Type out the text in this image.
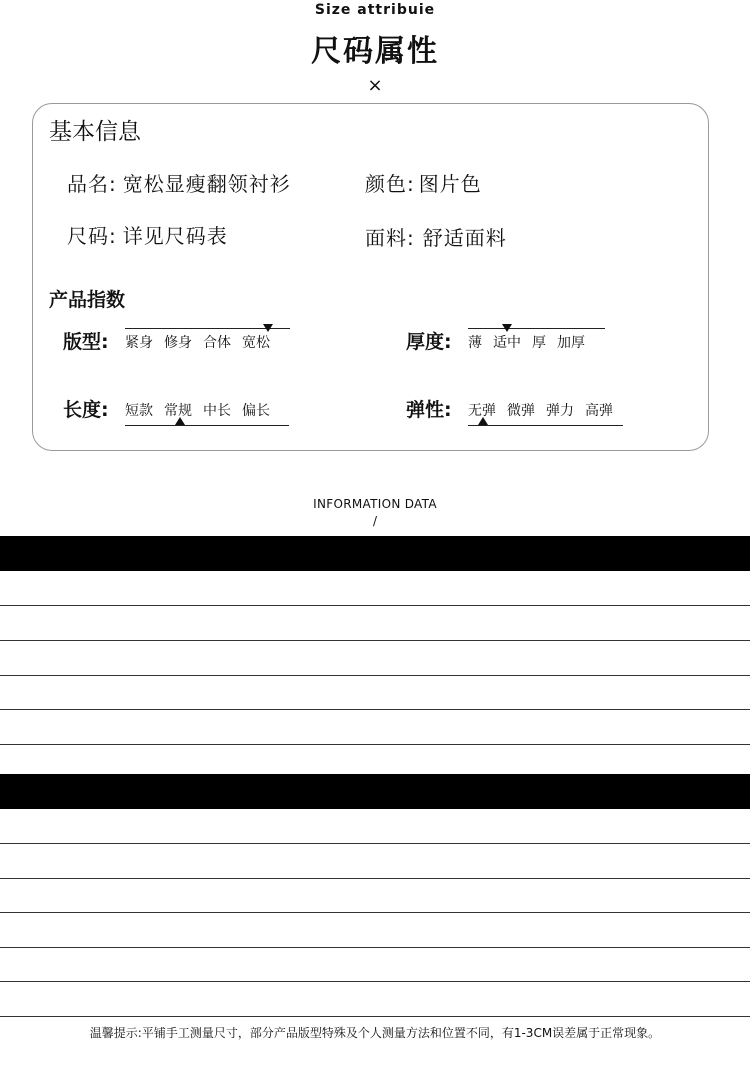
Size attribuie
尺码属性
×
基本信息
品名: 宽松显瘦翻领衬衫	颜色: 图片色
尺码: 详见尺码表	面料: 舒适面料
产品指数
版型: 紧身 修身 合体 宽松	厚度: 薄 适中 厚 加厚
长度: 短款 常规 中长 偏长	弹性: 无弹 微弹 弹力 高弹
INFORMATION DATA
/
温馨提示:平铺手工测量尺寸，部分产品版型特殊及个人测量方法和位置不同，有1-3CM误差属于正常现象。
